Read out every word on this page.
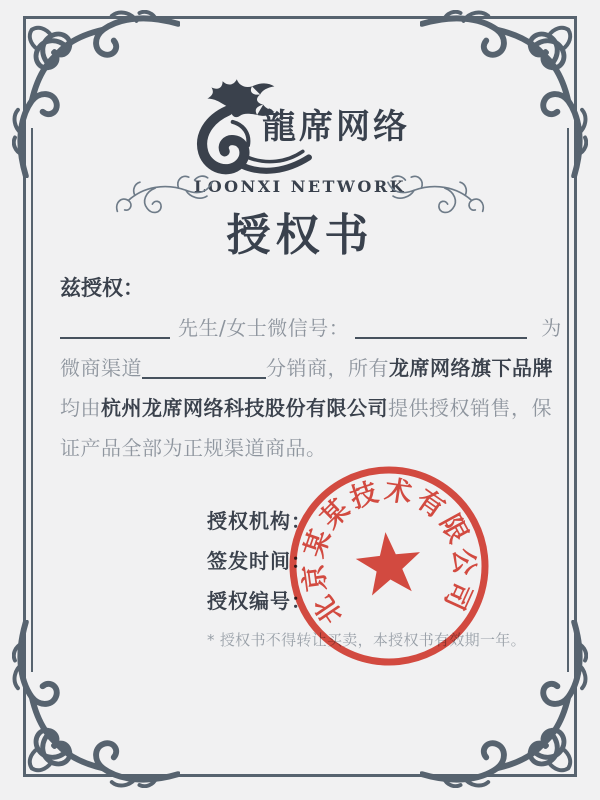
龍席网络
LOONXI NETWORK
授权书
兹授权：
先生/女士微信号：	为
微商渠道	分销商，所有龙席网络旗下品牌
均由杭州龙席网络科技股份有限公司提供授权销售，保
证产品全部为正规渠道商品。
授权机构：
签发时间：
授权编号：
* 授权书不得转让买卖，本授权书有效期一年。
北京某某技术有限公司
